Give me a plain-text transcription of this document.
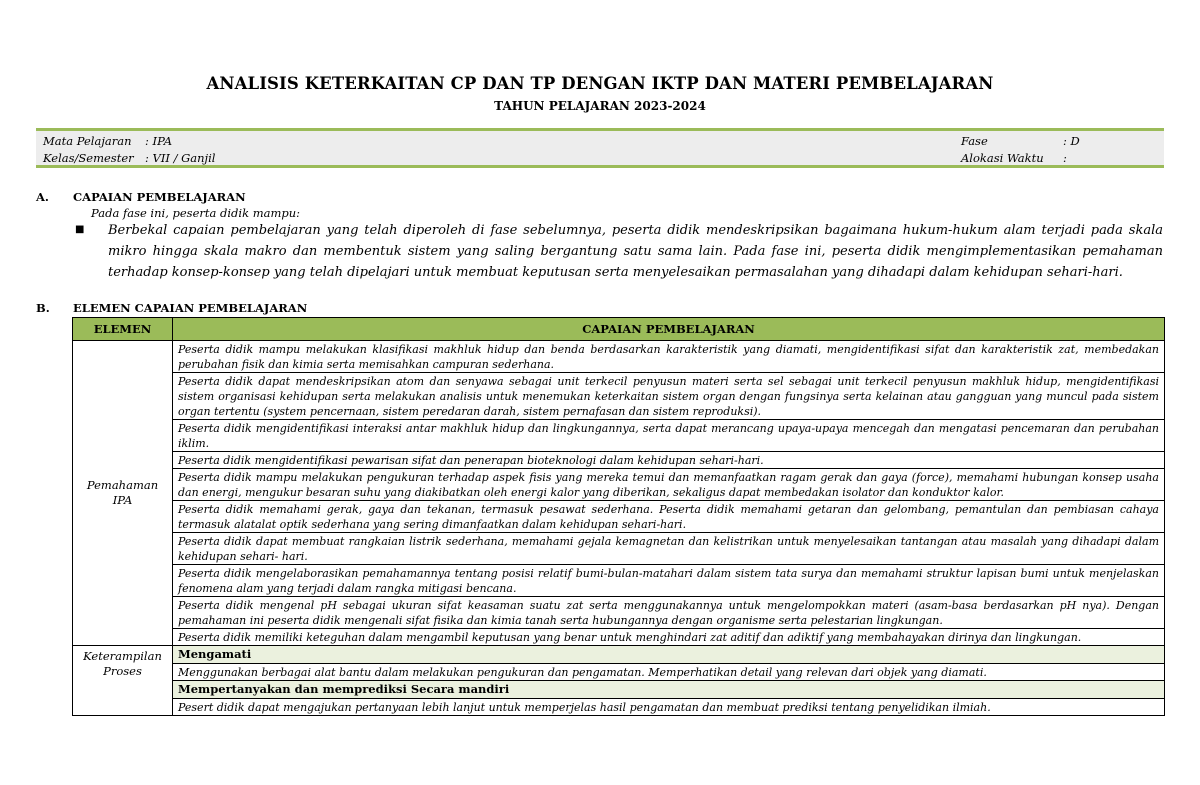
ANALISIS KETERKAITAN CP DAN TP DENGAN IKTP DAN MATERI PEMBELAJARAN
TAHUN PELAJARAN 2023-2024
Mata Pelajaran : IPA
Kelas/Semester : VII / Ganjil
Fase	: D
Alokasi Waktu :
A. CAPAIAN PEMBELAJARAN
Pada fase ini, peserta didik mampu:
■ Berbekal capaian pembelajaran yang telah diperoleh di fase sebelumnya, peserta didik mendeskripsikan bagaimana hukum-hukum alam terjadi pada skala mikro hingga skala makro dan membentuk sistem yang saling bergantung satu sama lain. Pada fase ini, peserta didik mengimplementasikan pemahaman terhadap konsep-konsep yang telah dipelajari untuk membuat keputusan serta menyelesaikan permasalahan yang dihadapi dalam kehidupan sehari-hari.
B. ELEMEN CAPAIAN PEMBELAJARAN
ELEMEN	CAPAIAN PEMBELAJARAN
Pemahaman IPA	Peserta didik mampu melakukan klasifikasi makhluk hidup dan benda berdasarkan karakteristik yang diamati, mengidentifikasi sifat dan karakteristik zat, membedakan perubahan fisik dan kimia serta memisahkan campuran sederhana.
	Peserta didik dapat mendeskripsikan atom dan senyawa sebagai unit terkecil penyusun materi serta sel sebagai unit terkecil penyusun makhluk hidup, mengidentifikasi sistem organisasi kehidupan serta melakukan analisis untuk menemukan keterkaitan sistem organ dengan fungsinya serta kelainan atau gangguan yang muncul pada sistem organ tertentu (system pencernaan, sistem peredaran darah, sistem pernafasan dan sistem reproduksi).
	Peserta didik mengidentifikasi interaksi antar makhluk hidup dan lingkungannya, serta dapat merancang upaya-upaya mencegah dan mengatasi pencemaran dan perubahan iklim.
	Peserta didik mengidentifikasi pewarisan sifat dan penerapan bioteknologi dalam kehidupan sehari-hari.
	Peserta didik mampu melakukan pengukuran terhadap aspek fisis yang mereka temui dan memanfaatkan ragam gerak dan gaya (force), memahami hubungan konsep usaha dan energi, mengukur besaran suhu yang diakibatkan oleh energi kalor yang diberikan, sekaligus dapat membedakan isolator dan konduktor kalor.
	Peserta didik memahami gerak, gaya dan tekanan, termasuk pesawat sederhana. Peserta didik memahami getaran dan gelombang, pemantulan dan pembiasan cahaya termasuk alatalat optik sederhana yang sering dimanfaatkan dalam kehidupan sehari-hari.
	Peserta didik dapat membuat rangkaian listrik sederhana, memahami gejala kemagnetan dan kelistrikan untuk menyelesaikan tantangan atau masalah yang dihadapi dalam kehidupan sehari- hari.
	Peserta didik mengelaborasikan pemahamannya tentang posisi relatif bumi-bulan-matahari dalam sistem tata surya dan memahami struktur lapisan bumi untuk menjelaskan fenomena alam yang terjadi dalam rangka mitigasi bencana.
	Peserta didik mengenal pH sebagai ukuran sifat keasaman suatu zat serta menggunakannya untuk mengelompokkan materi (asam-basa berdasarkan pH nya). Dengan pemahaman ini peserta didik mengenali sifat fisika dan kimia tanah serta hubungannya dengan organisme serta pelestarian lingkungan.
	Peserta didik memiliki keteguhan dalam mengambil keputusan yang benar untuk menghindari zat aditif dan adiktif yang membahayakan dirinya dan lingkungan.
Keterampilan Proses	Mengamati
	Menggunakan berbagai alat bantu dalam melakukan pengukuran dan pengamatan. Memperhatikan detail yang relevan dari objek yang diamati.
	Mempertanyakan dan memprediksi Secara mandiri
	Pesert didik dapat mengajukan pertanyaan lebih lanjut untuk memperjelas hasil pengamatan dan membuat prediksi tentang penyelidikan ilmiah.
